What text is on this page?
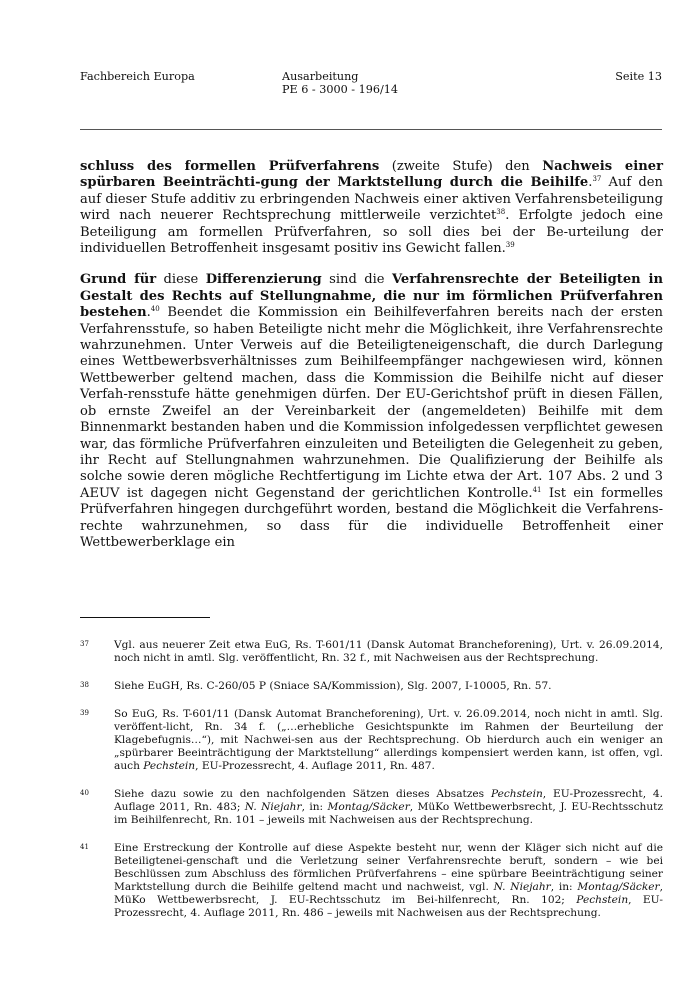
Fachbereich Europa	Ausarbeitung
PE 6 - 3000 - 196/14
Seite 13

schluss des formellen Prüfverfahrens (zweite Stufe) den Nachweis einer spürbaren Beeinträchti-gung der Marktstellung durch die Beihilfe.$^{37}$ Auf den auf dieser Stufe additiv zu erbringenden Nachweis einer aktiven Verfahrensbeteiligung wird nach neuerer Rechtsprechung mittlerweile verzichtet$^{38}$. Erfolgte jedoch eine Beteiligung am formellen Prüfverfahren, so soll dies bei der Be-urteilung der individuellen Betroffenheit insgesamt positiv ins Gewicht fallen.$^{39}$

Grund für diese Differenzierung sind die Verfahrensrechte der Beteiligten in Gestalt des Rechts auf Stellungnahme, die nur im förmlichen Prüfverfahren bestehen.$^{40}$ Beendet die Kommission ein Beihilfeverfahren bereits nach der ersten Verfahrensstufe, so haben Beteiligte nicht mehr die Möglichkeit, ihre Verfahrensrechte wahrzunehmen. Unter Verweis auf die Beteiligteneigenschaft, die durch Darlegung eines Wettbewerbsverhältnisses zum Beihilfeempfänger nachgewiesen wird, können Wettbewerber geltend machen, dass die Kommission die Beihilfe nicht auf dieser Verfah-rensstufe hätte genehmigen dürfen. Der EU-Gerichtshof prüft in diesen Fällen, ob ernste Zweifel an der Vereinbarkeit der (angemeldeten) Beihilfe mit dem Binnenmarkt bestanden haben und die Kommission infolgedessen verpflichtet gewesen war, das förmliche Prüfverfahren einzuleiten und Beteiligten die Gelegenheit zu geben, ihr Recht auf Stellungnahmen wahrzunehmen. Die Qualifizierung der Beihilfe als solche sowie deren mögliche Rechtfertigung im Lichte etwa der Art. 107 Abs. 2 und 3 AEUV ist dagegen nicht Gegenstand der gerichtlichen Kontrolle.$^{41}$ Ist ein formelles Prüfverfahren hingegen durchgeführt worden, bestand die Möglichkeit die Verfahrens-rechte wahrzunehmen, so dass für die individuelle Betroffenheit einer Wettbewerberklage ein

37 Vgl. aus neuerer Zeit etwa EuG, Rs. T-601/11 (Dansk Automat Brancheforening), Urt. v. 26.09.2014, noch nicht in amtl. Slg. veröffentlicht, Rn. 32 f., mit Nachweisen aus der Rechtsprechung.
38 Siehe EuGH, Rs. C-260/05 P (Sniace SA/Kommission), Slg. 2007, I-10005, Rn. 57.
39 So EuG, Rs. T-601/11 (Dansk Automat Brancheforening), Urt. v. 26.09.2014, noch nicht in amtl. Slg. veröffent-licht, Rn. 34 f. („…erhebliche Gesichtspunkte im Rahmen der Beurteilung der Klagebefugnis…“), mit Nachwei-sen aus der Rechtsprechung. Ob hierdurch auch ein weniger an „spürbarer Beeinträchtigung der Marktstellung“ allerdings kompensiert werden kann, ist offen, vgl. auch Pechstein, EU-Prozessrecht, 4. Auflage 2011, Rn. 487.
40 Siehe dazu sowie zu den nachfolgenden Sätzen dieses Absatzes Pechstein, EU-Prozessrecht, 4. Auflage 2011, Rn. 483; N. Niejahr, in: Montag/Säcker, MüKo Wettbewerbsrecht, J. EU-Rechtsschutz im Beihilfenrecht, Rn. 101 – jeweils mit Nachweisen aus der Rechtsprechung.
41 Eine Erstreckung der Kontrolle auf diese Aspekte besteht nur, wenn der Kläger sich nicht auf die Beteiligtenei-genschaft und die Verletzung seiner Verfahrensrechte beruft, sondern – wie bei Beschlüssen zum Abschluss des förmlichen Prüfverfahrens – eine spürbare Beeinträchtigung seiner Marktstellung durch die Beihilfe geltend macht und nachweist, vgl. N. Niejahr, in: Montag/Säcker, MüKo Wettbewerbsrecht, J. EU-Rechtsschutz im Bei-hilfenrecht, Rn. 102; Pechstein, EU-Prozessrecht, 4. Auflage 2011, Rn. 486 – jeweils mit Nachweisen aus der Rechtsprechung.
